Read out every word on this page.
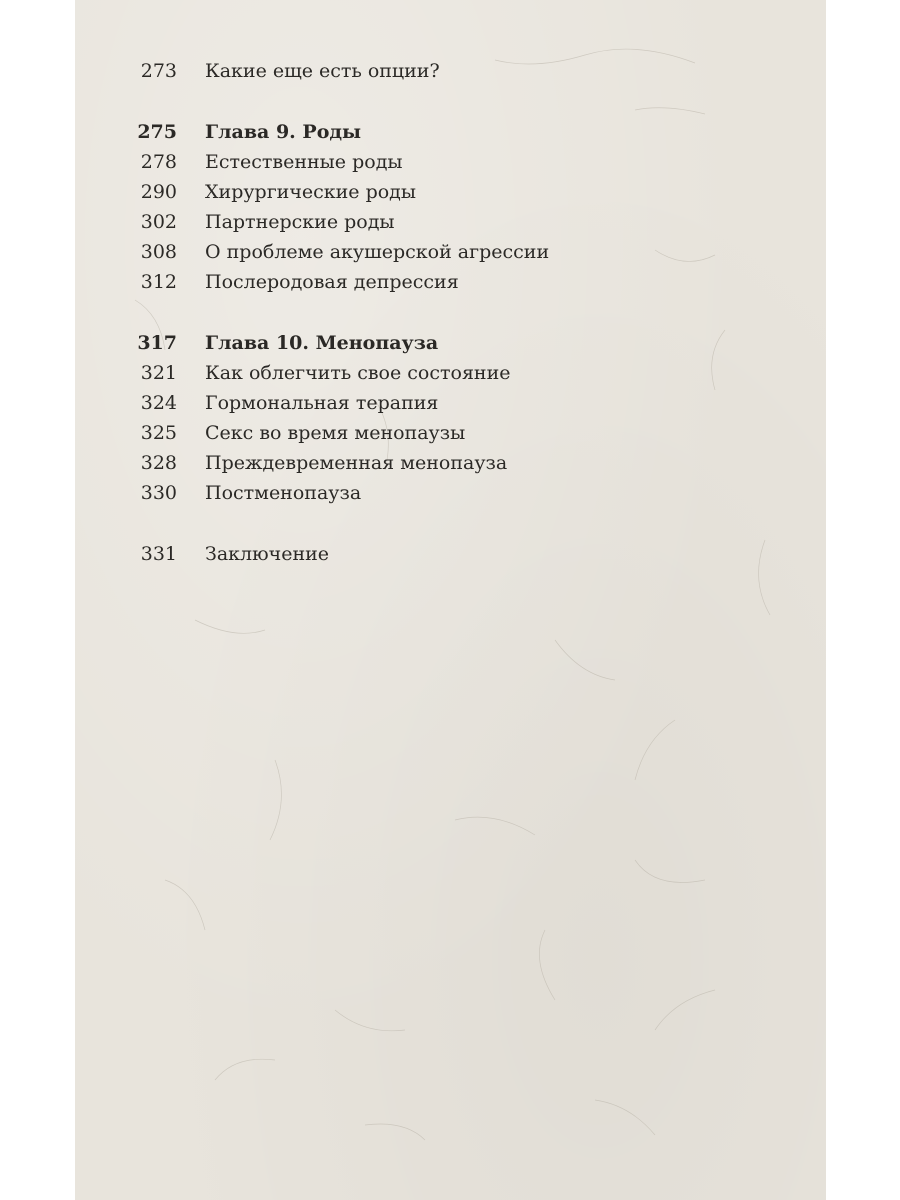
273 Какие еще есть опции?
275 Глава 9. Роды
278 Естественные роды
290 Хирургические роды
302 Партнерские роды
308 О проблеме акушерской агрессии
312 Послеродовая депрессия
317 Глава 10. Менопауза
321 Как облегчить свое состояние
324 Гормональная терапия
325 Секс во время менопаузы
328 Преждевременная менопауза
330 Постменопауза
331 Заключение
